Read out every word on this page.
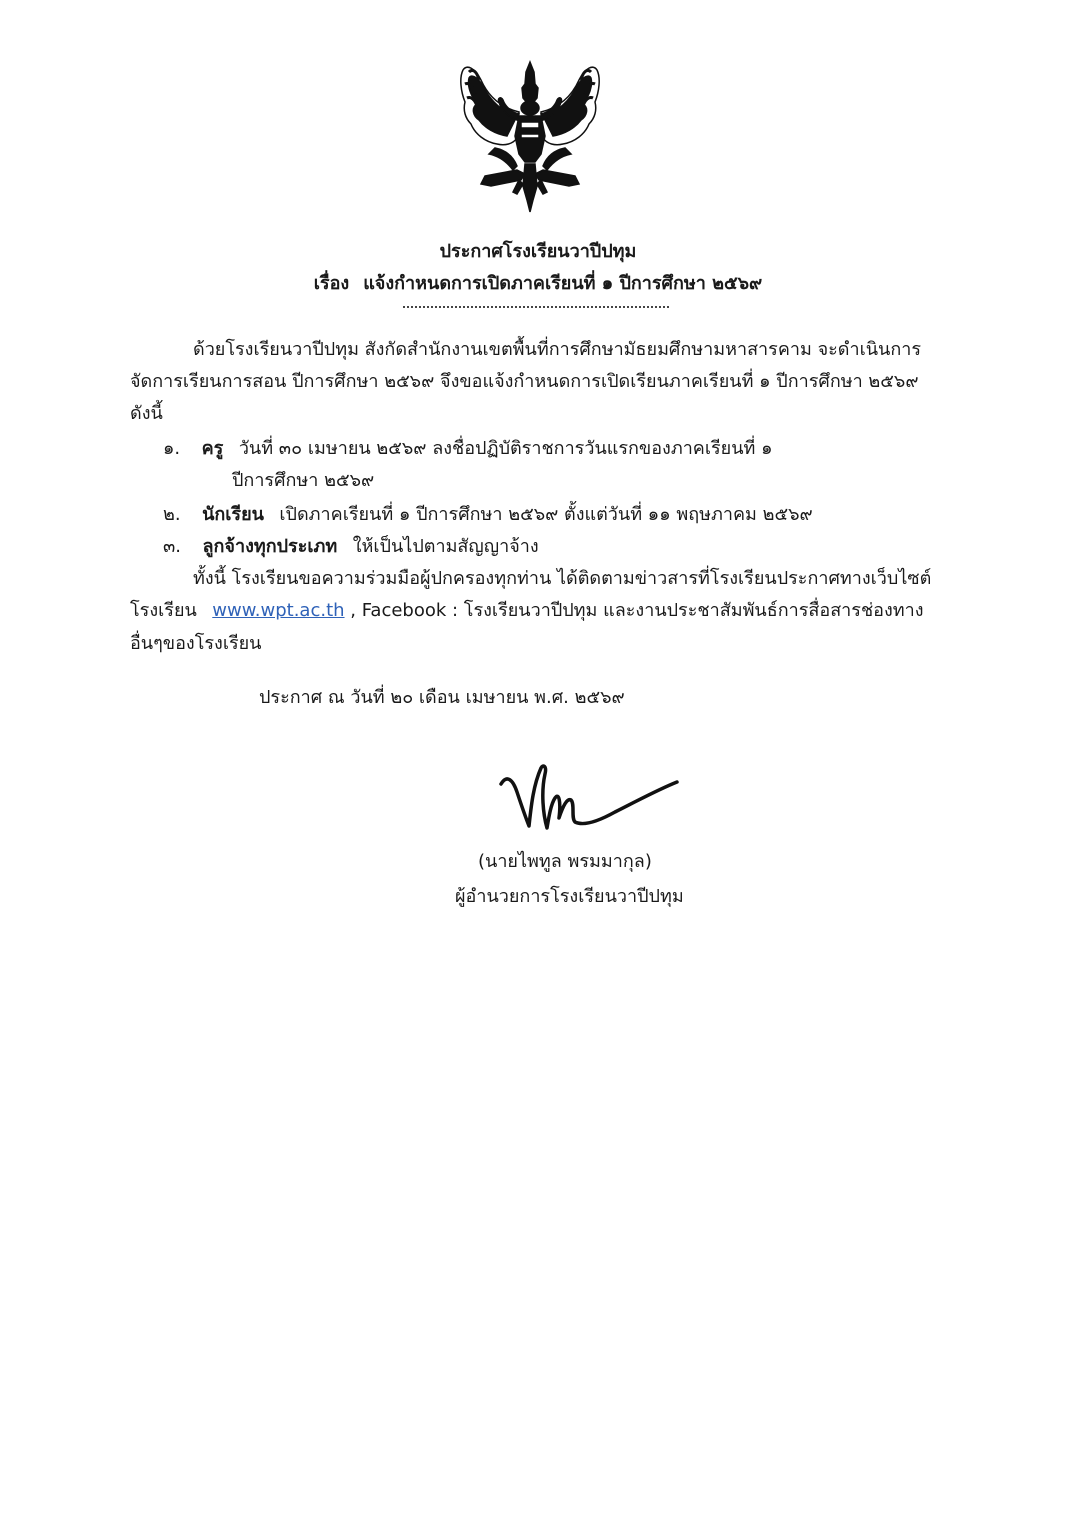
ประกาศโรงเรียนวาปีปทุม
เรื่อง แจ้งกำหนดการเปิดภาคเรียนที่ ๑ ปีการศึกษา ๒๕๖๙
ด้วยโรงเรียนวาปีปทุม สังกัดสำนักงานเขตพื้นที่การศึกษามัธยมศึกษามหาสารคาม จะดำเนินการ
จัดการเรียนการสอน ปีการศึกษา ๒๕๖๙ จึงขอแจ้งกำหนดการเปิดเรียนภาคเรียนที่ ๑ ปีการศึกษา ๒๕๖๙
ดังนี้
๑. ครู วันที่ ๓๐ เมษายน ๒๕๖๙ ลงชื่อปฏิบัติราชการวันแรกของภาคเรียนที่ ๑
ปีการศึกษา ๒๕๖๙
๒. นักเรียน เปิดภาคเรียนที่ ๑ ปีการศึกษา ๒๕๖๙ ตั้งแต่วันที่ ๑๑ พฤษภาคม ๒๕๖๙
๓. ลูกจ้างทุกประเภท ให้เป็นไปตามสัญญาจ้าง
ทั้งนี้ โรงเรียนขอความร่วมมือผู้ปกครองทุกท่าน ได้ติดตามข่าวสารที่โรงเรียนประกาศทางเว็บไซต์
โรงเรียน www.wpt.ac.th , Facebook : โรงเรียนวาปีปทุม และงานประชาสัมพันธ์การสื่อสารช่องทาง
อื่นๆของโรงเรียน
ประกาศ ณ วันที่ ๒๐ เดือน เมษายน พ.ศ. ๒๕๖๙
(นายไพทูล พรมมากุล)
ผู้อำนวยการโรงเรียนวาปีปทุม
